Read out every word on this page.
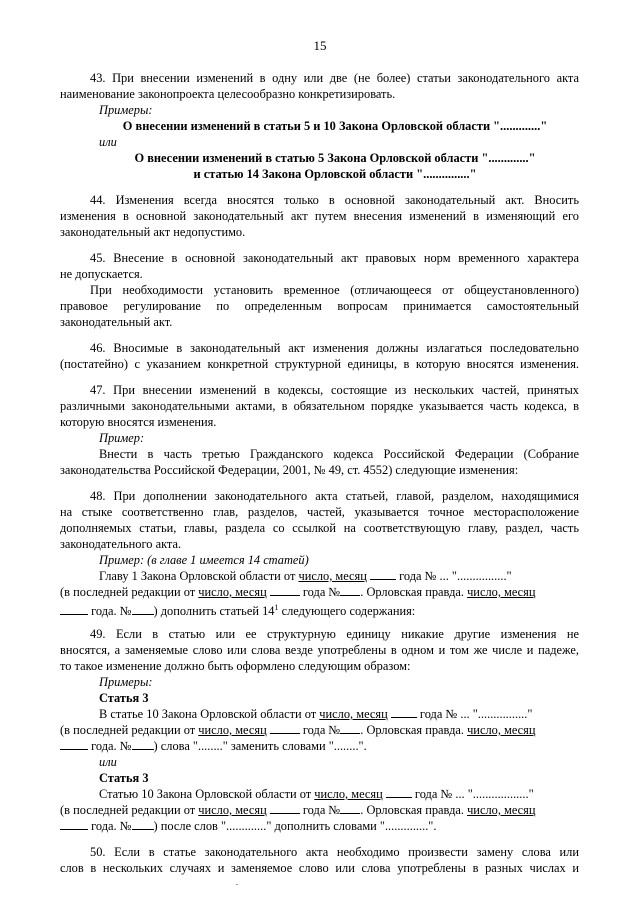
15
43. При внесении изменений в одну или две (не более) статьи законодательного акта
наименование законопроекта целесообразно конкретизировать.
Примеры:
О внесении изменений в статьи 5 и 10 Закона Орловской области "............."
или
О внесении изменений в статью 5 Закона Орловской области "............."
и статью 14 Закона Орловской области "..............."
44. Изменения всегда вносятся только в основной законодательный акт. Вносить
изменения в основной законодательный акт путем внесения изменений в изменяющий его
законодательный акт недопустимо.
45. Внесение в основной законодательный акт правовых норм временного характера
не допускается.
При необходимости установить временное (отличающееся от общеустановленного)
правовое регулирование по определенным вопросам принимается самостоятельный
законодательный акт.
46. Вносимые в законодательный акт изменения должны излагаться последовательно
(постатейно) с указанием конкретной структурной единицы, в которую вносятся изменения.
47. При внесении изменений в кодексы, состоящие из нескольких частей, принятых
различными законодательными актами, в обязательном порядке указывается часть кодекса, в
которую вносятся изменения.
Пример:
Внести в часть третью Гражданского кодекса Российской Федерации (Собрание
законодательства Российской Федерации, 2001, № 49, ст. 4552) следующие изменения:
48. При дополнении законодательного акта статьей, главой, разделом, находящимися
на стыке соответственно глав, разделов, частей, указывается точное месторасположение
дополняемых статьи, главы, раздела со ссылкой на соответствующую главу, раздел, часть
законодательного акта.
Пример: (в главе 1 имеется 14 статей)
Главу 1 Закона Орловской области от число, месяц  года № ... "................"
(в последней редакции от число, месяц	года № . Орловская правда. число, месяц
года. № ) дополнить статьей $14^1$ следующего содержания:
49. Если в статью или ее структурную единицу никакие другие изменения не
вносятся, а заменяемые слово или слова везде употреблены в одном и том же числе и падеже,
то такое изменение должно быть оформлено следующим образом:
Примеры:
Статья 3
В статье 10 Закона Орловской области от число, месяц  года № ... "................"
(в последней редакции от число, месяц	года № . Орловская правда. число, месяц
года. № ) слова "........" заменить словами "........".
или
Статья 3
Статью 10 Закона Орловской области от число, месяц  года № ... ".................."
(в последней редакции от число, месяц	года № . Орловская правда. число, месяц
года. № ) после слов "............." дополнить словами "..............".
50. Если в статье законодательного акта необходимо произвести замену слова или
слов в нескольких случаях и заменяемое слово или слова употреблены в разных числах и
